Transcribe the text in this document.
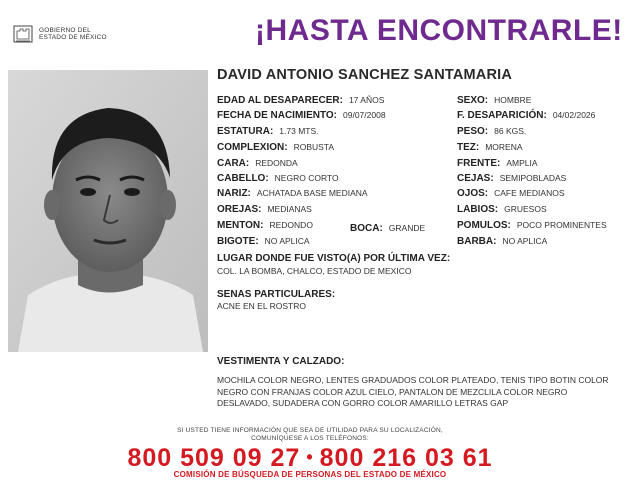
GOBIERNO DEL
ESTADO DE MÉXICO	¡HASTA ENCONTRARLE!
DAVID ANTONIO SANCHEZ SANTAMARIA
EDAD AL DESAPARECER: 17 AÑOS
FECHA DE NACIMIENTO: 09/07/2008
ESTATURA: 1.73 MTS.
COMPLEXION: ROBUSTA
CARA: REDONDA
CABELLO: NEGRO CORTO
NARIZ: ACHATADA BASE MEDIANA
OREJAS: MEDIANAS
MENTON: REDONDO	BOCA: GRANDE
BIGOTE: NO APLICA
SEXO: HOMBRE
F. DESAPARICIÓN: 04/02/2026
PESO: 86 KGS.
TEZ: MORENA
FRENTE: AMPLIA
CEJAS: SEMIPOBLADAS
OJOS: CAFE MEDIANOS
LABIOS: GRUESOS
POMULOS: POCO PROMINENTES
BARBA: NO APLICA
LUGAR DONDE FUE VISTO(A) POR ÚLTIMA VEZ:
COL. LA BOMBA, CHALCO, ESTADO DE MEXICO
SENAS PARTICULARES:
ACNE EN EL ROSTRO
VESTIMENTA Y CALZADO:
MOCHILA COLOR NEGRO, LENTES GRADUADOS COLOR PLATEADO, TENIS TIPO BOTIN COLOR NEGRO CON FRANJAS COLOR AZUL CIELO, PANTALON DE MEZCLILA COLOR NEGRO DESLAVADO, SUDADERA CON GORRO COLOR AMARILLO LETRAS GAP
SI USTED TIENE INFORMACIÓN QUE SEA DE UTILIDAD PARA SU LOCALIZACIÓN,
COMUNÍQUESE A LOS TELÉFONOS:
800 509 09 27 • 800 216 03 61
COMISIÓN DE BÚSQUEDA DE PERSONAS DEL ESTADO DE MÉXICO
